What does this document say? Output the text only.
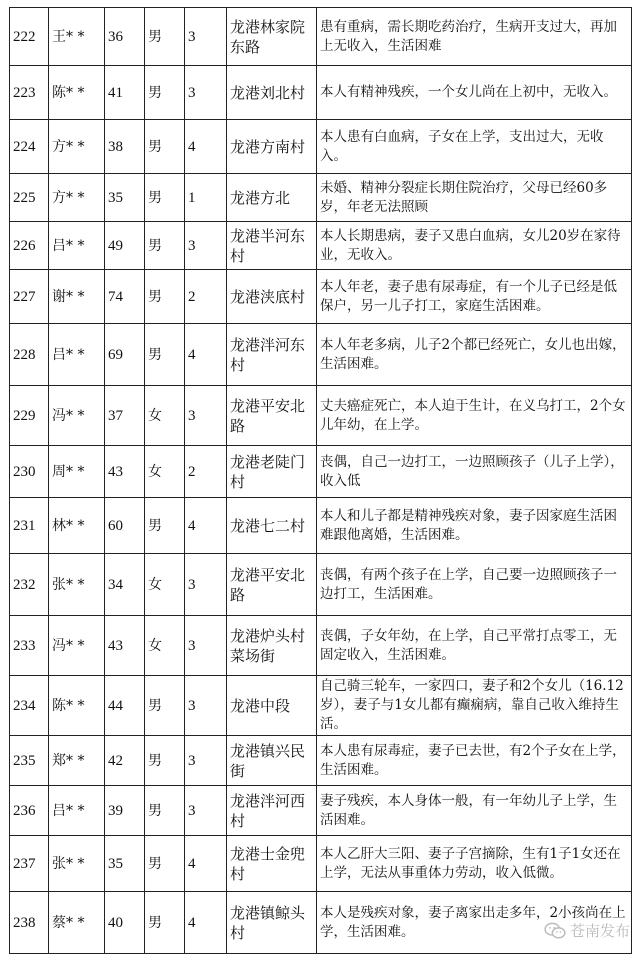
222	王* *	36	男	3	龙港林家院东路	患有重病，需长期吃药治疗，生病开支过大，再加上无收入，生活困难
223	陈* *	41	男	3	龙港刘北村	本人有精神残疾，一个女儿尚在上初中，无收入。
224	方* *	38	男	4	龙港方南村	本人患有白血病，子女在上学，支出过大，无收入。
225	方* *	35	男	1	龙港方北	未婚、精神分裂症长期住院治疗，父母已经60多岁，年老无法照顾
226	吕* *	49	男	3	龙港半河东村	本人长期患病，妻子又患白血病，女儿20岁在家待业，无收入。
227	谢* *	74	男	2	龙港浃底村	本人年老，妻子患有尿毒症，有一个儿子已经是低保户，另一儿子打工，家庭生活困难。
228	吕* *	69	男	4	龙港泮河东村	本人年老多病，儿子2个都已经死亡，女儿也出嫁，生活困难。
229	冯* *	37	女	3	龙港平安北路	丈夫癌症死亡，本人迫于生计，在义乌打工，2个女儿年幼，在上学。
230	周* *	43	女	2	龙港老陡门村	丧偶，自己一边打工，一边照顾孩子（儿子上学），收入低
231	林* *	60	男	4	龙港七二村	本人和儿子都是精神残疾对象，妻子因家庭生活困难跟他离婚，生活困难。
232	张* *	34	女	3	龙港平安北路	丧偶，有两个孩子在上学，自己要一边照顾孩子一边打工，生活困难。
233	冯* *	43	女	3	龙港炉头村菜场街	丧偶，子女年幼，在上学，自己平常打点零工，无固定收入，生活困难。
234	陈* *	44	男	3	龙港中段	自己骑三轮车，一家四口，妻子和2个女儿（16.12岁），妻子与1女儿都有癫痫病，靠自己收入维持生活。
235	郑* *	42	男	3	龙港镇兴民街	本人患有尿毒症，妻子已去世，有2个子女在上学，生活困难。
236	吕* *	39	男	3	龙港泮河西村	妻子残疾，本人身体一般，有一年幼儿子上学，生活困难。
237	张* *	35	男	4	龙港士金兜村	本人乙肝大三阳、妻子子宫摘除，生有1子1女还在上学，无法从事重体力劳动，收入低微。
238	蔡* *	40	男	4	龙港镇鲸头村	本人是残疾对象，妻子离家出走多年，2小孩尚在上学，生活困难。	苍南发布
